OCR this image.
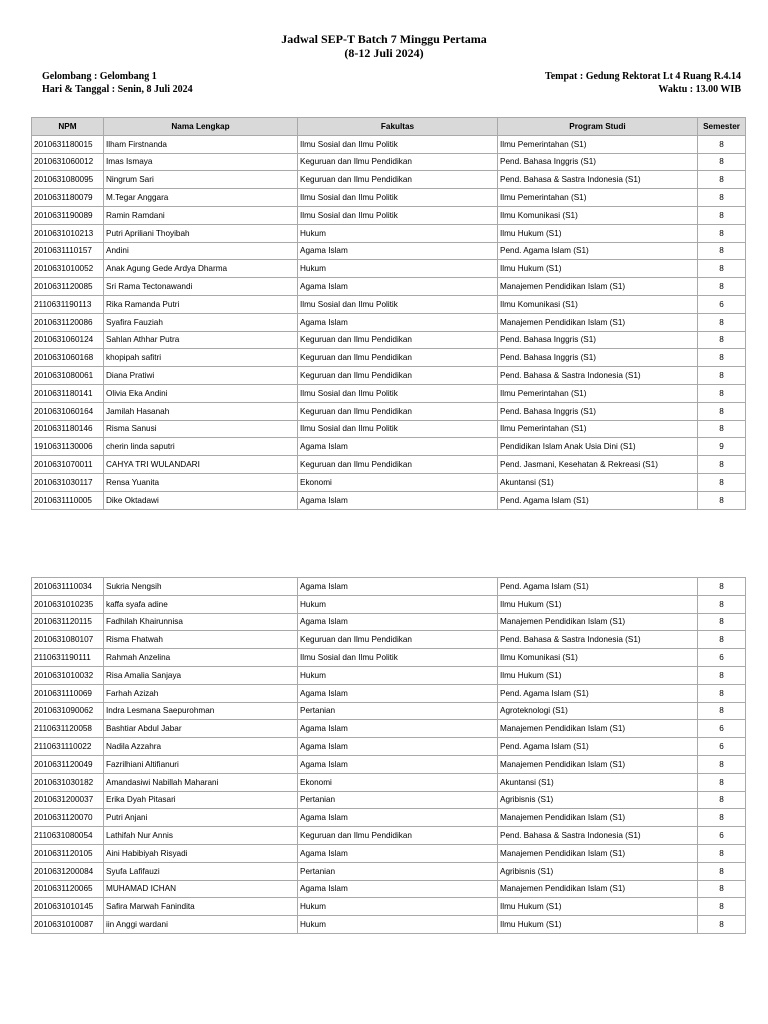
Jadwal SEP-T Batch 7 Minggu Pertama
(8-12 Juli 2024)
Gelombang : Gelombang 1
Hari & Tanggal : Senin, 8 Juli 2024
Tempat : Gedung Rektorat Lt 4 Ruang R.4.14
Waktu : 13.00 WIB
NPM	Nama Lengkap	Fakultas	Program Studi	Semester
2010631180015	Ilham Firstnanda	Ilmu Sosial dan Ilmu Politik	Ilmu Pemerintahan (S1)	8
2010631060012	Imas Ismaya	Keguruan dan Ilmu Pendidikan	Pend. Bahasa Inggris (S1)	8
2010631080095	Ningrum Sari	Keguruan dan Ilmu Pendidikan	Pend. Bahasa & Sastra Indonesia (S1)	8
2010631180079	M.Tegar Anggara	Ilmu Sosial dan Ilmu Politik	Ilmu Pemerintahan (S1)	8
2010631190089	Ramin Ramdani	Ilmu Sosial dan Ilmu Politik	Ilmu Komunikasi (S1)	8
2010631010213	Putri Apriliani Thoyibah	Hukum	Ilmu Hukum (S1)	8
2010631110157	Andini	Agama Islam	Pend. Agama Islam (S1)	8
2010631010052	Anak Agung Gede Ardya Dharma	Hukum	Ilmu Hukum (S1)	8
2010631120085	Sri Rama Tectonawandi	Agama Islam	Manajemen Pendidikan Islam (S1)	8
2110631190113	Rika Ramanda Putri	Ilmu Sosial dan Ilmu Politik	Ilmu Komunikasi (S1)	6
2010631120086	Syafira Fauziah	Agama Islam	Manajemen Pendidikan Islam (S1)	8
2010631060124	Sahlan Athhar Putra	Keguruan dan Ilmu Pendidikan	Pend. Bahasa Inggris (S1)	8
2010631060168	khopipah safitri	Keguruan dan Ilmu Pendidikan	Pend. Bahasa Inggris (S1)	8
2010631080061	Diana Pratiwi	Keguruan dan Ilmu Pendidikan	Pend. Bahasa & Sastra Indonesia (S1)	8
2010631180141	Olivia Eka Andini	Ilmu Sosial dan Ilmu Politik	Ilmu Pemerintahan (S1)	8
2010631060164	Jamilah Hasanah	Keguruan dan Ilmu Pendidikan	Pend. Bahasa Inggris (S1)	8
2010631180146	Risma Sanusi	Ilmu Sosial dan Ilmu Politik	Ilmu Pemerintahan (S1)	8
1910631130006	cherin linda saputri	Agama Islam	Pendidikan Islam Anak Usia Dini (S1)	9
2010631070011	CAHYA TRI WULANDARI	Keguruan dan Ilmu Pendidikan	Pend. Jasmani, Kesehatan & Rekreasi (S1)	8
2010631030117	Rensa Yuanita	Ekonomi	Akuntansi (S1)	8
2010631110005	Dike Oktadawi	Agama Islam	Pend. Agama Islam (S1)	8
2010631110034	Sukria Nengsih	Agama Islam	Pend. Agama Islam (S1)	8
2010631010235	kaffa syafa adine	Hukum	Ilmu Hukum (S1)	8
2010631120115	Fadhilah Khairunnisa	Agama Islam	Manajemen Pendidikan Islam (S1)	8
2010631080107	Risma Fhatwah	Keguruan dan Ilmu Pendidikan	Pend. Bahasa & Sastra Indonesia (S1)	8
2110631190111	Rahmah Anzelina	Ilmu Sosial dan Ilmu Politik	Ilmu Komunikasi (S1)	6
2010631010032	Risa Amalia Sanjaya	Hukum	Ilmu Hukum (S1)	8
2010631110069	Farhah Azizah	Agama Islam	Pend. Agama Islam (S1)	8
2010631090062	Indra Lesmana Saepurohman	Pertanian	Agroteknologi (S1)	8
2110631120058	Bashtiar Abdul Jabar	Agama Islam	Manajemen Pendidikan Islam (S1)	6
2110631110022	Nadila Azzahra	Agama Islam	Pend. Agama Islam (S1)	6
2010631120049	Fazrilhiani Altifianuri	Agama Islam	Manajemen Pendidikan Islam (S1)	8
2010631030182	Amandasiwi Nabillah Maharani	Ekonomi	Akuntansi (S1)	8
2010631200037	Erika Dyah Pitasari	Pertanian	Agribisnis (S1)	8
2010631120070	Putri Anjani	Agama Islam	Manajemen Pendidikan Islam (S1)	8
2110631080054	Lathifah Nur Annis	Keguruan dan Ilmu Pendidikan	Pend. Bahasa & Sastra Indonesia (S1)	6
2010631120105	Aini Habibiyah Risyadi	Agama Islam	Manajemen Pendidikan Islam (S1)	8
2010631200084	Syufa Lafifauzi	Pertanian	Agribisnis (S1)	8
2010631120065	MUHAMAD ICHAN	Agama Islam	Manajemen Pendidikan Islam (S1)	8
2010631010145	Safira Marwah Fanindita	Hukum	Ilmu Hukum (S1)	8
2010631010087	iin Anggi wardani	Hukum	Ilmu Hukum (S1)	8
